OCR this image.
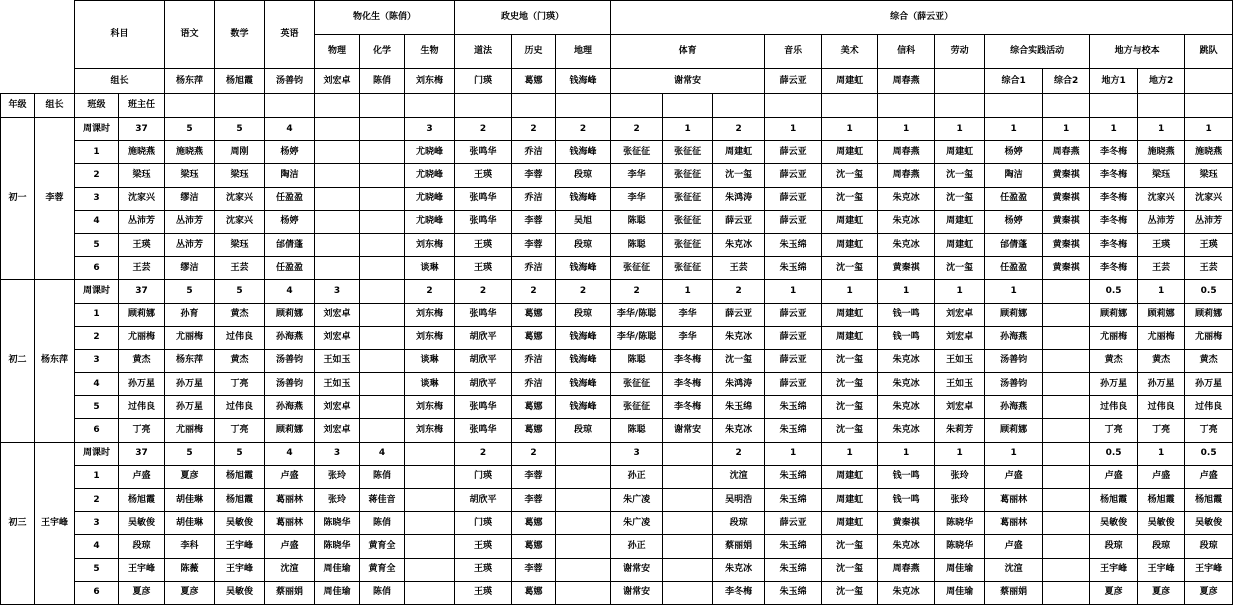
		科目		语文	数学	英语	物化生（陈俏）			政史地（门瑛）			综合（薛云亚）											
							物理	化学	生物	道法	历史	地理	体育			音乐	美术	信科	劳动	综合实践活动		地方与校本		跳队
		组长		杨东萍	杨旭霞	汤善钧	刘宏卓	陈俏	刘东梅	门瑛	葛娜	钱海峰	谢常安			薛云亚	周建虹	周春燕		综合1	综合2	地方1	地方2	
年级	组长	班级	班主任																					
初一	李蓉	周课时	37	5	5	4			3	2	2	2	2	1	2	1	1	1	1	1	1	1	1	1
		1	施晓燕	施晓燕	周刚	杨婷			尤晓峰	张鸣华	乔洁	钱海峰	张征征	张征征	周建虹	薛云亚	周建虹	周春燕	周建虹	杨婷	周春燕	李冬梅	施晓燕	施晓燕
		2	梁珏	梁珏	梁珏	陶洁			尤晓峰	王瑛	李蓉	段琼	李华	张征征	沈一玺	薛云亚	沈一玺	周春燕	沈一玺	陶洁	黄秦祺	李冬梅	梁珏	梁珏
		3	沈家兴	缪洁	沈家兴	任盈盈			尤晓峰	张鸣华	乔洁	钱海峰	李华	张征征	朱鸿涛	薛云亚	沈一玺	朱克冰	沈一玺	任盈盈	黄秦祺	李冬梅	沈家兴	沈家兴
		4	丛沛芳	丛沛芳	沈家兴	杨婷			尤晓峰	张鸣华	李蓉	吴旭	陈聪	张征征	薛云亚	薛云亚	周建虹	朱克冰	周建虹	杨婷	黄秦祺	李冬梅	丛沛芳	丛沛芳
		5	王瑛	丛沛芳	梁珏	邰倩蓬			刘东梅	王瑛	李蓉	段琼	陈聪	张征征	朱克冰	朱玉绵	周建虹	朱克冰	周建虹	邰倩蓬	黄秦祺	李冬梅	王瑛	王瑛
		6	王芸	缪洁	王芸	任盈盈			谈琳	王瑛	乔洁	钱海峰	张征征	张征征	王芸	朱玉绵	沈一玺	黄秦祺	沈一玺	任盈盈	黄秦祺	李冬梅	王芸	王芸
初二	杨东萍	周课时	37	5	5	4	3		2	2	2	2	2	1	2	1	1	1	1	1		0.5	1	0.5
		1	顾莉娜	孙育	黄杰	顾莉娜	刘宏卓		刘东梅	张鸣华	葛娜	段琼	李华/陈聪	李华	薛云亚	薛云亚	周建虹	钱一鸣	刘宏卓	顾莉娜		顾莉娜	顾莉娜	顾莉娜
		2	尤丽梅	尤丽梅	过伟良	孙海燕	刘宏卓		刘东梅	胡欣平	葛娜	钱海峰	李华/陈聪	李华	朱克冰	薛云亚	周建虹	钱一鸣	刘宏卓	孙海燕		尤丽梅	尤丽梅	尤丽梅
		3	黄杰	杨东萍	黄杰	汤善钧	王如玉		谈琳	胡欣平	乔洁	钱海峰	陈聪	李冬梅	沈一玺	薛云亚	沈一玺	朱克冰	王如玉	汤善钧		黄杰	黄杰	黄杰
		4	孙万星	孙万星	丁亮	汤善钧	王如玉		谈琳	胡欣平	乔洁	钱海峰	张征征	李冬梅	朱鸿涛	薛云亚	沈一玺	朱克冰	王如玉	汤善钧		孙万星	孙万星	孙万星
		5	过伟良	孙万星	过伟良	孙海燕	刘宏卓		刘东梅	张鸣华	葛娜	钱海峰	张征征	李冬梅	朱玉绵	朱玉绵	沈一玺	朱克冰	刘宏卓	孙海燕		过伟良	过伟良	过伟良
		6	丁亮	尤丽梅	丁亮	顾莉娜	刘宏卓		刘东梅	张鸣华	葛娜	段琼	陈聪	谢常安	朱克冰	朱玉绵	沈一玺	朱克冰	朱莉芳	顾莉娜		丁亮	丁亮	丁亮
初三	王宇峰	周课时	37	5	5	4	3	4		2	2		3		2	1	1	1	1	1		0.5	1	0.5
		1	卢盛	夏彦	杨旭霞	卢盛	张玲	陈俏		门瑛	李蓉		孙正		沈渲	朱玉绵	周建虹	钱一鸣	张玲	卢盛		卢盛	卢盛	卢盛
		2	杨旭霞	胡佳琳	杨旭霞	葛丽林	张玲	蒋佳音		胡欣平	李蓉		朱广凌		吴明浩	朱玉绵	周建虹	钱一鸣	张玲	葛丽林		杨旭霞	杨旭霞	杨旭霞
		3	吴敏俊	胡佳琳	吴敏俊	葛丽林	陈晓华	陈俏		门瑛	葛娜		朱广凌		段琼	薛云亚	周建虹	黄秦祺	陈晓华	葛丽林		吴敏俊	吴敏俊	吴敏俊
		4	段琼	李科	王宇峰	卢盛	陈晓华	黄育全		王瑛	葛娜		孙正		蔡丽娟	朱玉绵	沈一玺	朱克冰	陈晓华	卢盛		段琼	段琼	段琼
		5	王宇峰	陈薇	王宇峰	沈渲	周佳瑜	黄育全		王瑛	李蓉		谢常安		朱克冰	朱玉绵	沈一玺	周春燕	周佳瑜	沈渲		王宇峰	王宇峰	王宇峰
		6	夏彦	夏彦	吴敏俊	蔡丽娟	周佳瑜	陈俏		王瑛	葛娜		谢常安		李冬梅	朱玉绵	沈一玺	朱克冰	周佳瑜	蔡丽娟		夏彦	夏彦	夏彦
